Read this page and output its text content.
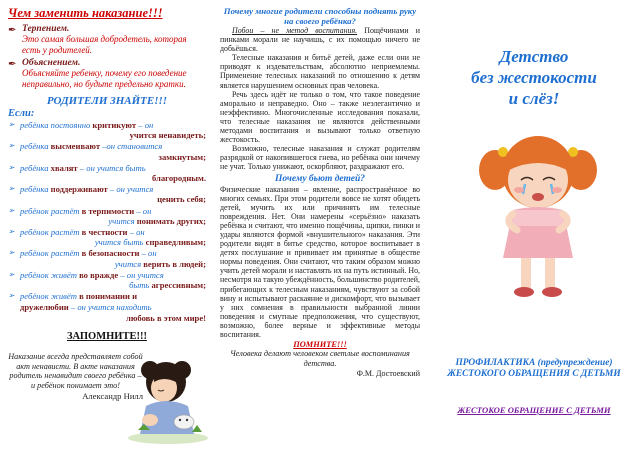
Чем заменить наказание!!!

✒ Терпением.
Это самая большая добродетель, которая есть у родителей.
✒ Объяснением.
Объясняйте ребенку, почему его поведение неправильно, но будьте предельно кратки.
РОДИТЕЛИ ЗНАЙТЕ!!!
Если:
➢ ребёнка постоянно критикуют – он
учится ненавидеть;
➢ ребёнка высмеивают –он становится
замкнутым;
➢ ребёнка хвалят – он учится быть
благородным.
➢ ребёнка поддерживают – он учится
ценить себя;
➢ ребёнок растёт в терпимости – он
учится понимать других;
➢ ребёнок растёт в честности – он
учится быть справедливым;
➢ ребёнок растёт в безопасности – он
учится верить в людей;
➢ ребёнок живёт во вражде – он учится
быть агрессивным;
➢ ребёнок живёт в понимании и
дружелюбии – он учится находить
любовь в этом мире!
ЗАПОМНИТЕ!!!
Наказание всегда представляет собой акт ненависти. В акте наказания родитель ненавидит своего ребёнка – и ребёнок понимает это!
Александр Нилл
Почему многие родители способны поднять руку на своего ребёнка?

Побои – не метод воспитания. Пощёчинами и пинками морали не научишь, с их помощью ничего не добьёшься.

Телесные наказания и битьё детей, даже если они не приводят к издевательствам, абсолютно неприемлемы. Применение телесных наказаний по отношению к детям является нарушением основных прав человека.

Речь здесь идёт не только о том, что такое поведение аморально и неправедно. Оно – также неэлегантично и неэффективно. Многочисленные исследования показали, что телесные наказания не являются действенными методами воспитания и вызывают только ответную жестокость.

Возможно, телесные наказания и служат родителям разрядкой от накопившегося гнева, но ребёнка они ничему не учат. Только унижают, оскорбляют, раздражают его.

Почему бьют детей?

Физические наказания – явление, распространённое во многих семьях. При этом родители вовсе не хотят обидеть детей, мучить их или причинять им телесные повреждения. Нет. Они намерены «серьёзно» наказать ребёнка и считают, что именно пощёчины, щипки, пинки и удары являются формой «внушительного» наказания. Эти родители видят в битье средство, которое воспитывает в детях послушание и прививает им принятые в обществе нормы поведения. Они считают, что таким образом можно учить детей морали и наставлять их на путь истинный. Но, несмотря на такую убеждённость, большинство родителей, прибегающих к телесным наказаниям, чувствуют за собой вину и испытывают раскаяние и дискомфорт, что вызывает у них сомнения в правильности выбранной линии поведения и смутные предположения, что существуют, возможно, более верные и эффективные методы воспитания.

ПОМНИТЕ!!!
Человека делают человеком светлые воспоминания детства.
Ф.М. Достоевский
Детство
без жестокости
и слёз!
ПРОФИЛАКТИКА (предупреждение)
ЖЕСТОКОГО ОБРАЩЕНИЯ С ДЕТЬМИ
ЖЕСТОКОЕ ОБРАЩЕНИЕ С ДЕТЬМИ
